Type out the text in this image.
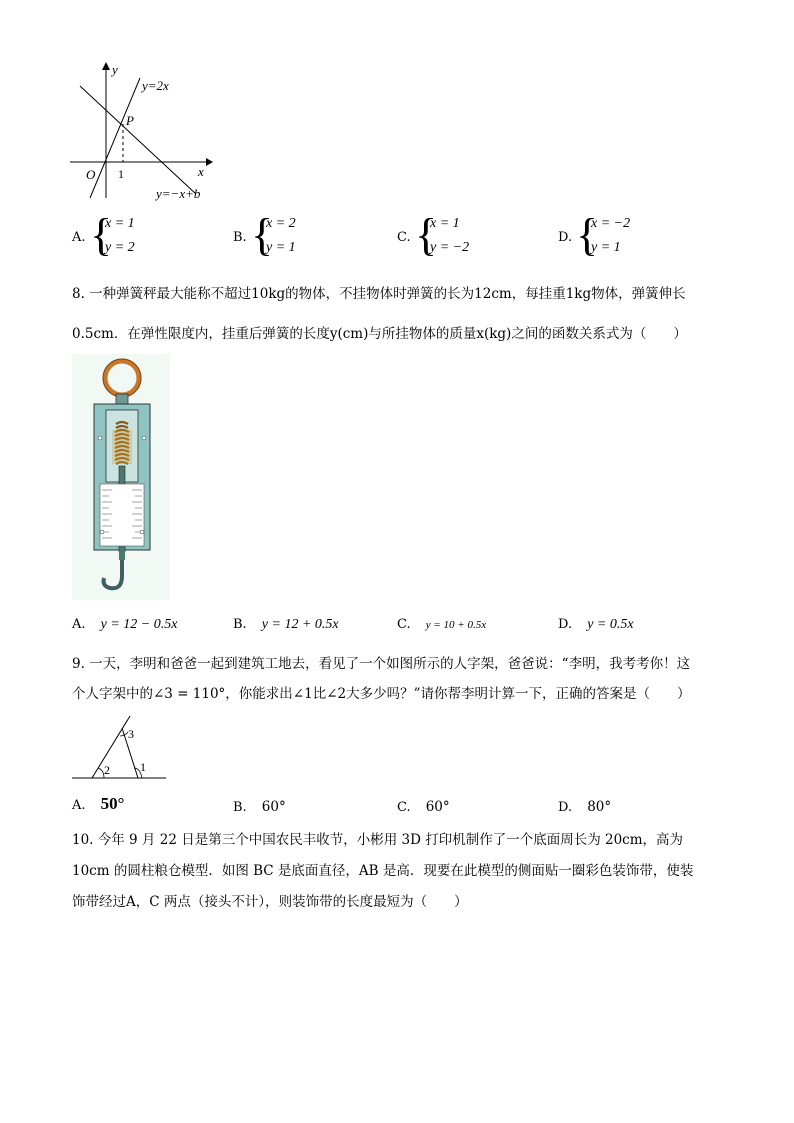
y
x
O 1
P
y=2x
y=−x+b
A. {
x = 1
y = 2
B. {
x = 2
y = 1
C. {
x = 1
y = −2
D. {
x = −2
y = 1
8. 一种弹簧秤最大能称不超过10kg的物体，不挂物体时弹簧的长为12cm，每挂重1kg物体，弹簧伸长
0.5cm．在弹性限度内，挂重后弹簧的长度y(cm)与所挂物体的质量x(kg)之间的函数关系式为（　　）
A. y = 12 − 0.5x	B. y = 12 + 0.5x	C. y = 10 + 0.5x	D. y = 0.5x
9. 一天，李明和爸爸一起到建筑工地去，看见了一个如图所示的人字架，爸爸说：“李明，我考考你！这
个人字架中的∠3 = 110°，你能求出∠1比∠2大多少吗？”请你帮李明计算一下，正确的答案是（　　）
3
2	1
A. 50°	B. 60°	C. 60°	D. 80°
10. 今年 9 月 22 日是第三个中国农民丰收节，小彬用 3D 打印机制作了一个底面周长为 20cm，高为
10cm 的圆柱粮仓模型．如图 BC 是底面直径，AB 是高．现要在此模型的侧面贴一圈彩色装饰带，使装
饰带经过A，C 两点（接头不计），则装饰带的长度最短为（　　）
